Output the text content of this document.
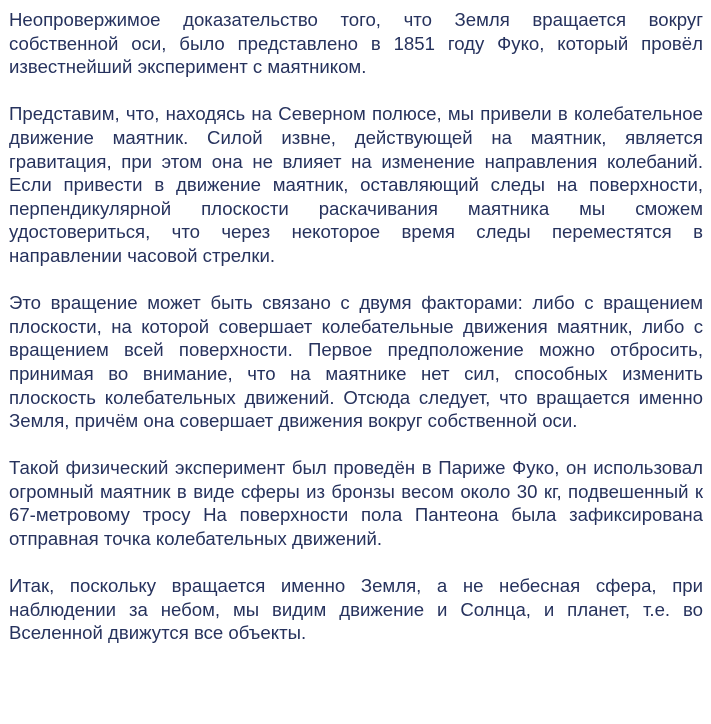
Неопровержимое доказательство того, что Земля вращается вокруг собственной оси, было представлено в 1851 году Фуко, который провёл известнейший эксперимент с маятником.

Представим, что, находясь на Северном полюсе, мы привели в колебательное движение маятник. Силой извне, действующей на маятник, является гравитация, при этом она не влияет на изменение направления колебаний. Если привести в движение маятник, оставляющий следы на поверхности, перпендикулярной плоскости раскачивания маятника мы сможем удостовериться, что через некоторое время следы переместятся в направлении часовой стрелки.

Это вращение может быть связано с двумя факторами: либо с вращением плоскости, на которой совершает колебательные движения маятник, либо с вращением всей поверхности. Первое предположение можно отбросить, принимая во внимание, что на маятнике нет сил, способных изменить плоскость колебательных движений. Отсюда следует, что вращается именно Земля, причём она совершает движения вокруг собственной оси.

Такой физический эксперимент был проведён в Париже Фуко, он использовал огромный маятник в виде сферы из бронзы весом около 30 кг, подвешенный к 67-метровому тросу На поверхности пола Пантеона была зафиксирована отправная точка колебательных движений.

Итак, поскольку вращается именно Земля, а не небесная сфера, при наблюдении за небом, мы видим движение и Солнца, и планет, т.е. во Вселенной движутся все объекты.
